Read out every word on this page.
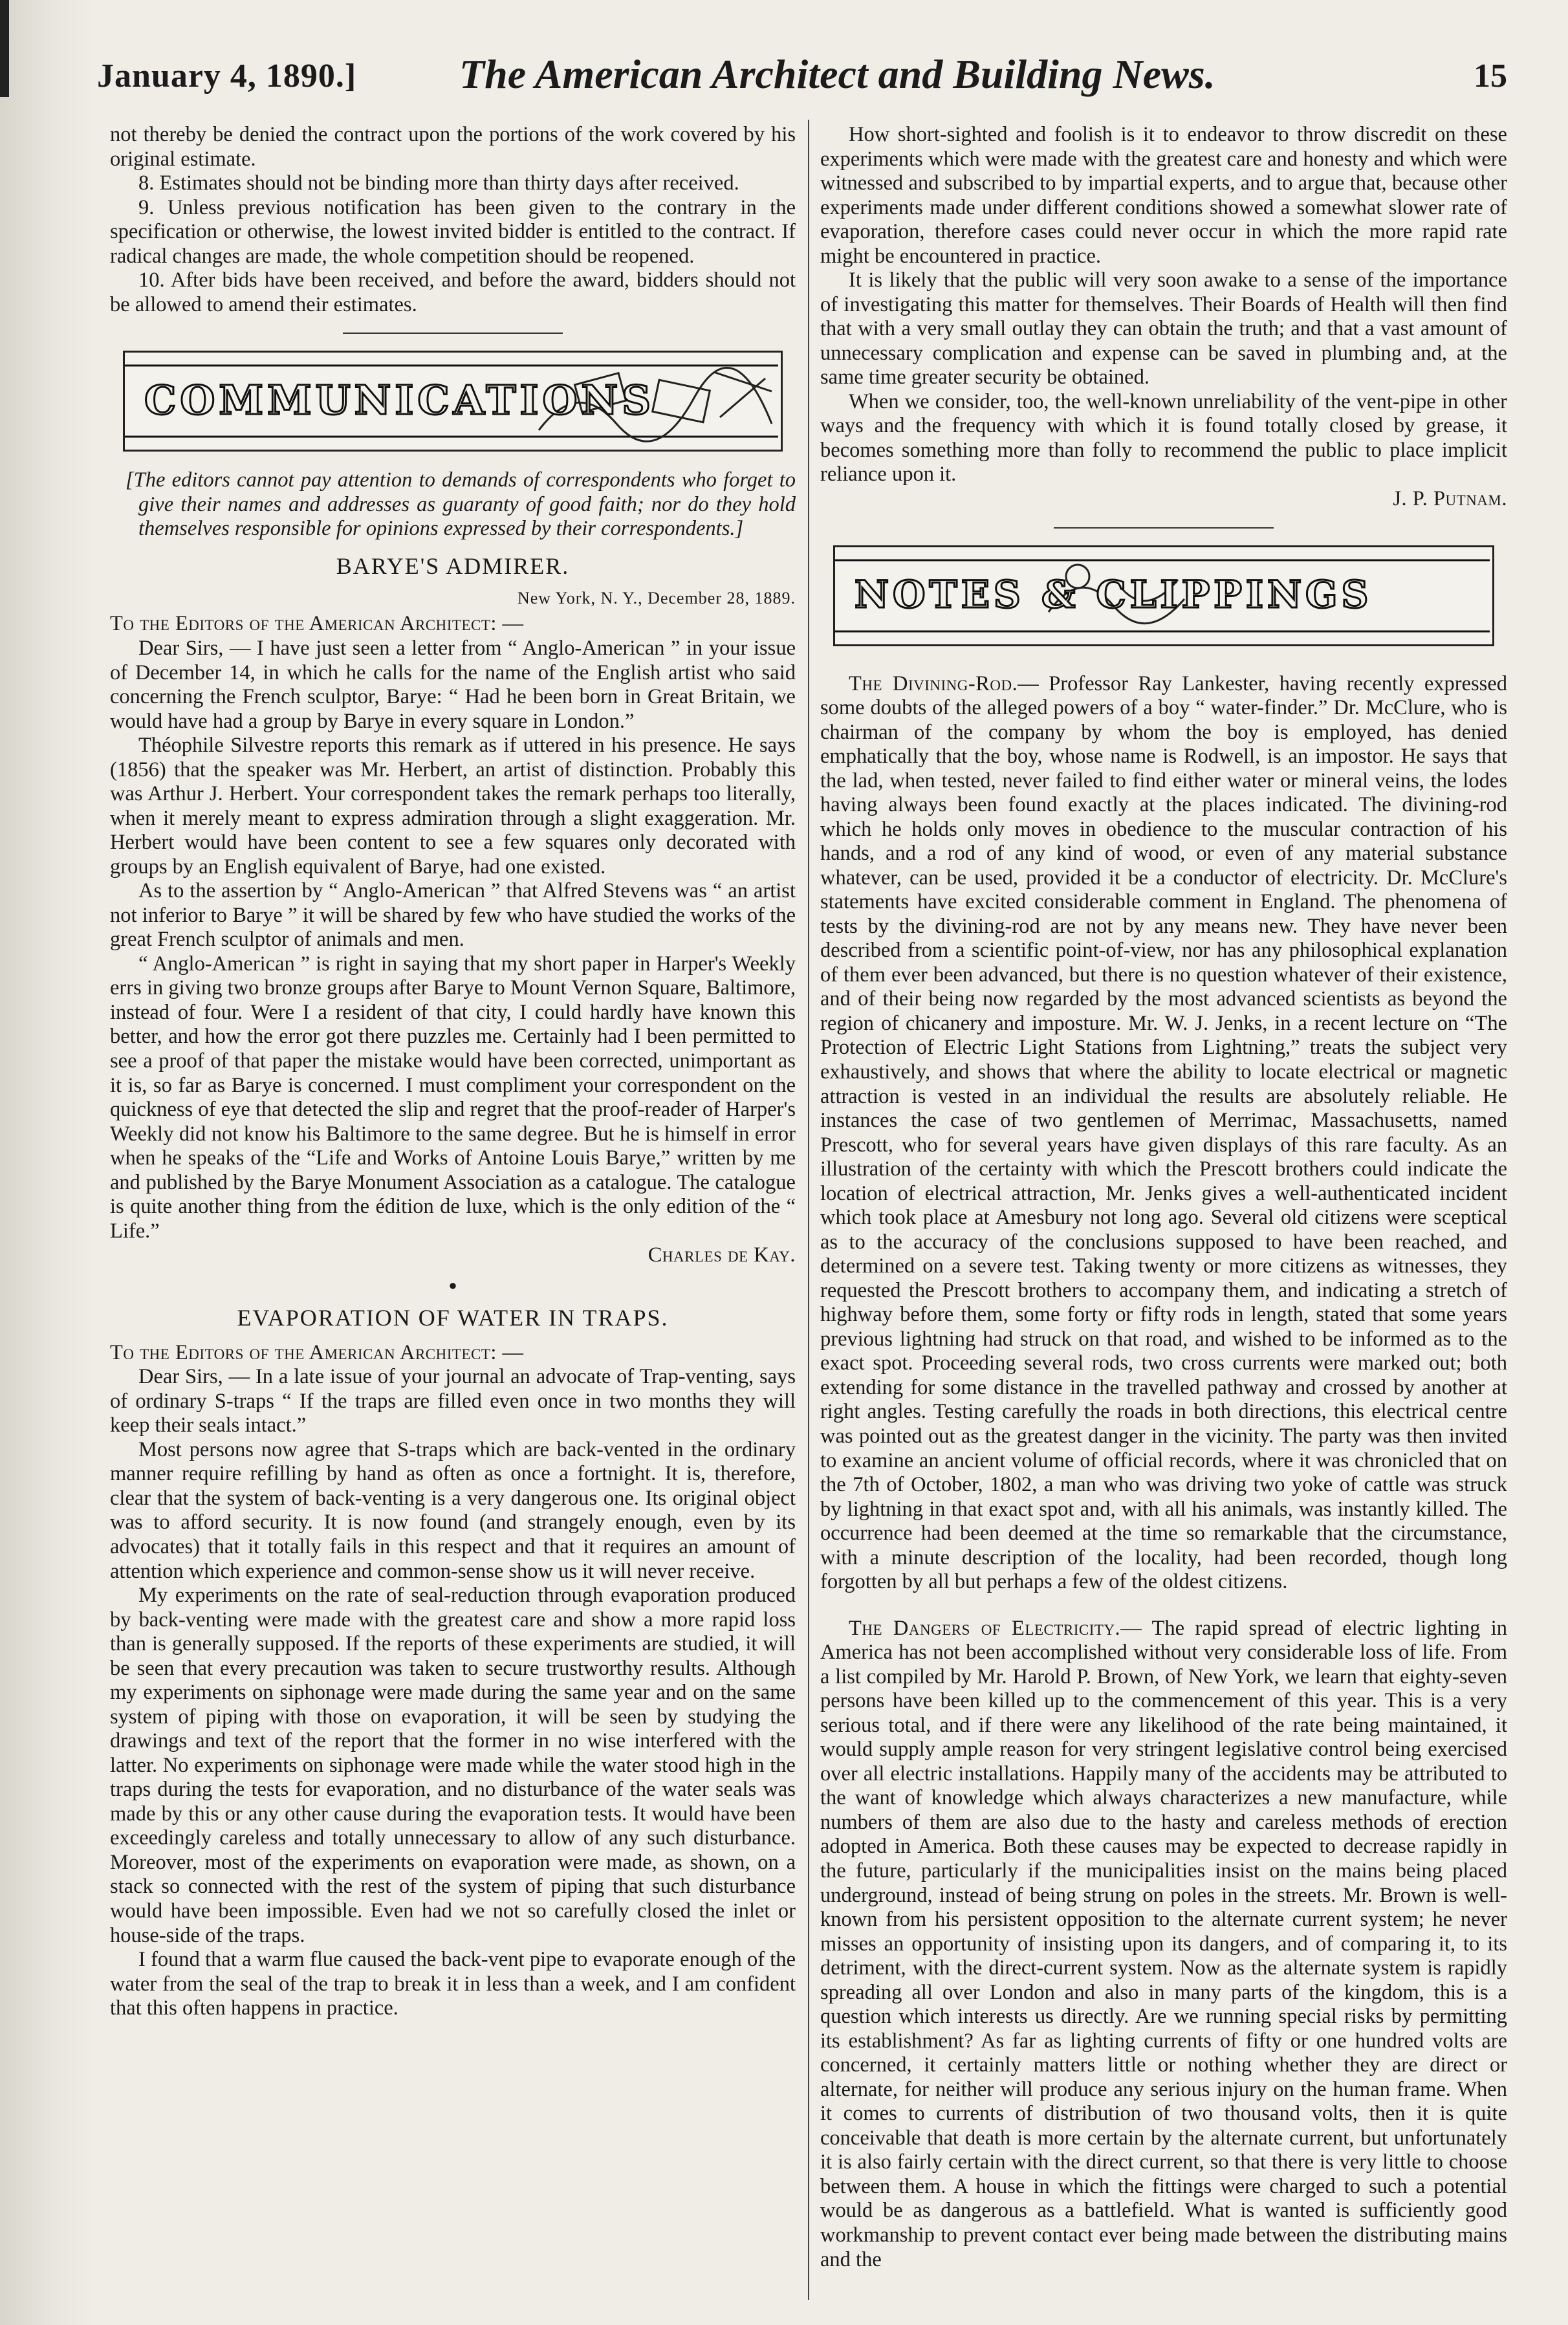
January 4, 1890.] The American Architect and Building News.	15

not thereby be denied the contract upon the portions of the work covered by his original estimate.

8. Estimates should not be binding more than thirty days after received.

9. Unless previous notification has been given to the contrary in the specification or otherwise, the lowest invited bidder is entitled to the contract. If radical changes are made, the whole competition should be reopened.

10. After bids have been received, and before the award, bidders should not be allowed to amend their estimates.

COMMUNICATIONS

[The editors cannot pay attention to demands of correspondents who forget to give their names and addresses as guaranty of good faith; nor do they hold themselves responsible for opinions expressed by their correspondents.]

BARYE'S ADMIRER.
New York, N. Y., December 28, 1889.

To the Editors of the American Architect: —

Dear Sirs, — I have just seen a letter from “ Anglo-American ” in your issue of December 14, in which he calls for the name of the English artist who said concerning the French sculptor, Barye: “ Had he been born in Great Britain, we would have had a group by Barye in every square in London.”

Théophile Silvestre reports this remark as if uttered in his presence. He says (1856) that the speaker was Mr. Herbert, an artist of distinction. Probably this was Arthur J. Herbert. Your correspondent takes the remark perhaps too literally, when it merely meant to express admiration through a slight exaggeration. Mr. Herbert would have been content to see a few squares only decorated with groups by an English equivalent of Barye, had one existed.

As to the assertion by “ Anglo-American ” that Alfred Stevens was “ an artist not inferior to Barye ” it will be shared by few who have studied the works of the great French sculptor of animals and men.

“ Anglo-American ” is right in saying that my short paper in Harper's Weekly errs in giving two bronze groups after Barye to Mount Vernon Square, Baltimore, instead of four. Were I a resident of that city, I could hardly have known this better, and how the error got there puzzles me. Certainly had I been permitted to see a proof of that paper the mistake would have been corrected, unimportant as it is, so far as Barye is concerned. I must compliment your correspondent on the quickness of eye that detected the slip and regret that the proof-reader of Harper's Weekly did not know his Baltimore to the same degree. But he is himself in error when he speaks of the “Life and Works of Antoine Louis Barye,” written by me and published by the Barye Monument Association as a catalogue. The catalogue is quite another thing from the édition de luxe, which is the only edition of the “ Life.”

Charles de Kay.

●
EVAPORATION OF WATER IN TRAPS.

To the Editors of the American Architect: —

Dear Sirs, — In a late issue of your journal an advocate of Trap-venting, says of ordinary S-traps “ If the traps are filled even once in two months they will keep their seals intact.”

Most persons now agree that S-traps which are back-vented in the ordinary manner require refilling by hand as often as once a fortnight. It is, therefore, clear that the system of back-venting is a very dangerous one. Its original object was to afford security. It is now found (and strangely enough, even by its advocates) that it totally fails in this respect and that it requires an amount of attention which experience and common-sense show us it will never receive.

My experiments on the rate of seal-reduction through evaporation produced by back-venting were made with the greatest care and show a more rapid loss than is generally supposed. If the reports of these experiments are studied, it will be seen that every precaution was taken to secure trustworthy results. Although my experiments on siphonage were made during the same year and on the same system of piping with those on evaporation, it will be seen by studying the drawings and text of the report that the former in no wise interfered with the latter. No experiments on siphonage were made while the water stood high in the traps during the tests for evaporation, and no disturbance of the water seals was made by this or any other cause during the evaporation tests. It would have been exceedingly careless and totally unnecessary to allow of any such disturbance. Moreover, most of the experiments on evaporation were made, as shown, on a stack so connected with the rest of the system of piping that such disturbance would have been impossible. Even had we not so carefully closed the inlet or house-side of the traps.

I found that a warm flue caused the back-vent pipe to evaporate enough of the water from the seal of the trap to break it in less than a week, and I am confident that this often happens in practice.

How short-sighted and foolish is it to endeavor to throw discredit on these experiments which were made with the greatest care and honesty and which were witnessed and subscribed to by impartial experts, and to argue that, because other experiments made under different conditions showed a somewhat slower rate of evaporation, therefore cases could never occur in which the more rapid rate might be encountered in practice.

It is likely that the public will very soon awake to a sense of the importance of investigating this matter for themselves. Their Boards of Health will then find that with a very small outlay they can obtain the truth; and that a vast amount of unnecessary complication and expense can be saved in plumbing and, at the same time greater security be obtained.

When we consider, too, the well-known unreliability of the vent-pipe in other ways and the frequency with which it is found totally closed by grease, it becomes something more than folly to recommend the public to place implicit reliance upon it.

J. P. Putnam.

NOTES & CLIPPINGS

The Divining-Rod.— Professor Ray Lankester, having recently expressed some doubts of the alleged powers of a boy “ water-finder.” Dr. McClure, who is chairman of the company by whom the boy is employed, has denied emphatically that the boy, whose name is Rodwell, is an impostor. He says that the lad, when tested, never failed to find either water or mineral veins, the lodes having always been found exactly at the places indicated. The divining-rod which he holds only moves in obedience to the muscular contraction of his hands, and a rod of any kind of wood, or even of any material substance whatever, can be used, provided it be a conductor of electricity. Dr. McClure's statements have excited considerable comment in England. The phenomena of tests by the divining-rod are not by any means new. They have never been described from a scientific point-of-view, nor has any philosophical explanation of them ever been advanced, but there is no question whatever of their existence, and of their being now regarded by the most advanced scientists as beyond the region of chicanery and imposture. Mr. W. J. Jenks, in a recent lecture on “The Protection of Electric Light Stations from Lightning,” treats the subject very exhaustively, and shows that where the ability to locate electrical or magnetic attraction is vested in an individual the results are absolutely reliable. He instances the case of two gentlemen of Merrimac, Massachusetts, named Prescott, who for several years have given displays of this rare faculty. As an illustration of the certainty with which the Prescott brothers could indicate the location of electrical attraction, Mr. Jenks gives a well-authenticated incident which took place at Amesbury not long ago. Several old citizens were sceptical as to the accuracy of the conclusions supposed to have been reached, and determined on a severe test. Taking twenty or more citizens as witnesses, they requested the Prescott brothers to accompany them, and indicating a stretch of highway before them, some forty or fifty rods in length, stated that some years previous lightning had struck on that road, and wished to be informed as to the exact spot. Proceeding several rods, two cross currents were marked out; both extending for some distance in the travelled pathway and crossed by another at right angles. Testing carefully the roads in both directions, this electrical centre was pointed out as the greatest danger in the vicinity. The party was then invited to examine an ancient volume of official records, where it was chronicled that on the 7th of October, 1802, a man who was driving two yoke of cattle was struck by lightning in that exact spot and, with all his animals, was instantly killed. The occurrence had been deemed at the time so remarkable that the circumstance, with a minute description of the locality, had been recorded, though long forgotten by all but perhaps a few of the oldest citizens.

The Dangers of Electricity.— The rapid spread of electric lighting in America has not been accomplished without very considerable loss of life. From a list compiled by Mr. Harold P. Brown, of New York, we learn that eighty-seven persons have been killed up to the commencement of this year. This is a very serious total, and if there were any likelihood of the rate being maintained, it would supply ample reason for very stringent legislative control being exercised over all electric installations. Happily many of the accidents may be attributed to the want of knowledge which always characterizes a new manufacture, while numbers of them are also due to the hasty and careless methods of erection adopted in America. Both these causes may be expected to decrease rapidly in the future, particularly if the municipalities insist on the mains being placed underground, instead of being strung on poles in the streets. Mr. Brown is well-known from his persistent opposition to the alternate current system; he never misses an opportunity of insisting upon its dangers, and of comparing it, to its detriment, with the direct-current system. Now as the alternate system is rapidly spreading all over London and also in many parts of the kingdom, this is a question which interests us directly. Are we running special risks by permitting its establishment? As far as lighting currents of fifty or one hundred volts are concerned, it certainly matters little or nothing whether they are direct or alternate, for neither will produce any serious injury on the human frame. When it comes to currents of distribution of two thousand volts, then it is quite conceivable that death is more certain by the alternate current, but unfortunately it is also fairly certain with the direct current, so that there is very little to choose between them. A house in which the fittings were charged to such a potential would be as dangerous as a battlefield. What is wanted is sufficiently good workmanship to prevent contact ever being made between the distributing mains and the
